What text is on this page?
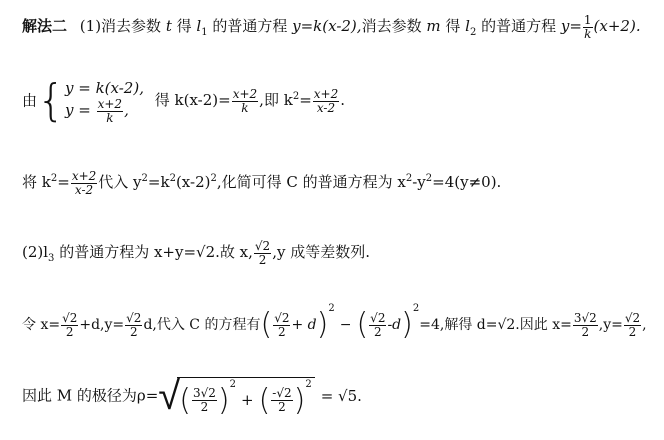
解法二 (1)消去参数 t 得 $l_1$ 的普通方程 y=k(x-2),消去参数 m 得 $l_2$ 的普通方程 $y= \frac{1}{k} (x+2)$.
由{y = k(x-2),
$y = \frac{x+2}{k}$ , 得 $k(x-2)= \frac{x+2}{k}$ ,即 $k^2= \frac{x+2}{x-2}$ .
将 $k^2= \frac{x+2}{x-2}$ 代入 $y^2=k^2(x-2)^2$,化简可得 C 的普通方程为 $x^2-y^2=4(y\ne 0)$.
$(2)l_3$ 的普通方程为 x+y=√2.故 x, $\frac{√2}{2} ,y$ 成等差数列.
令 $x= \frac{√2}{2} +d,y= \frac{√2}{2} d$,代入 C 的方程有( $\frac{√2}{2} + d)^2-$ ( $\frac{√2}{2} -d)^2=4$,解得 d=√2.因此 $x= \frac{3√2}{2} ,y= \frac{√2}{2}$ ,
因此 M 的极径为$\rho=√( \frac{3√2}{2} )^2+$ ( $\frac{-√2}{2} )^2= √5$.
